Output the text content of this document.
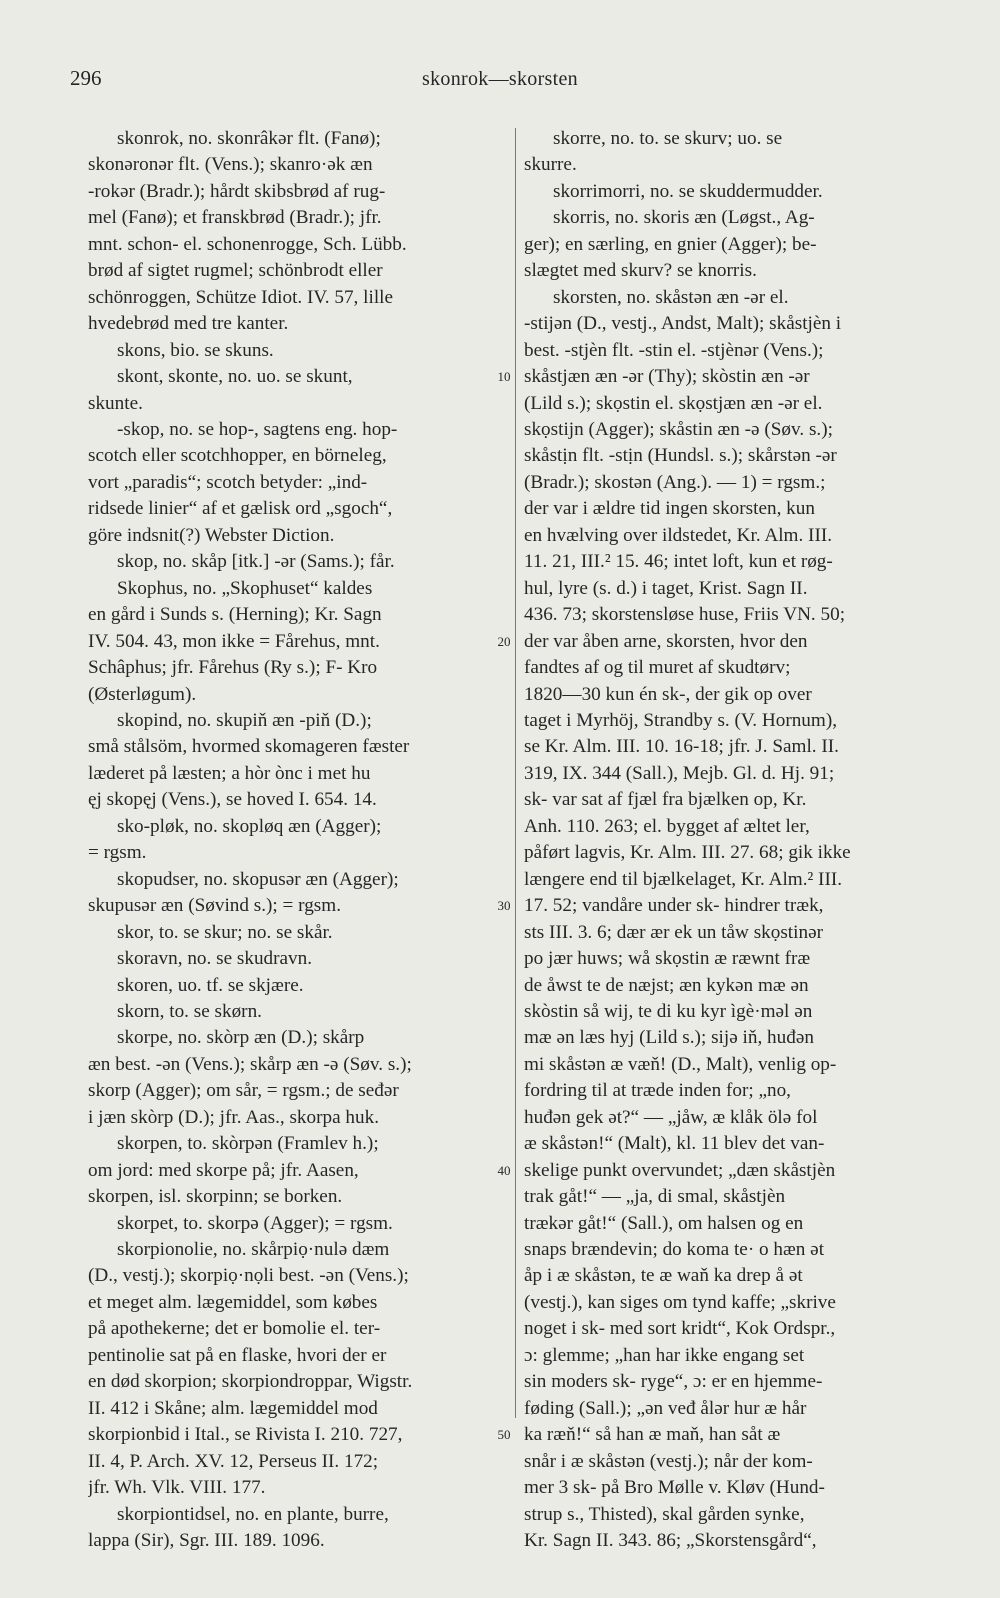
296	skonrok—skorsten
skonrok, no. skonrâkər flt. (Fanø);
skonəronər flt. (Vens.); skanro·ək æn
-rokər (Bradr.); hårdt skibsbrød af rug-
mel (Fanø); et franskbrød (Bradr.); jfr.
mnt. schon- el. schonenrogge, Sch. Lübb.
brød af sigtet rugmel; schönbrodt eller
schönroggen, Schütze Idiot. IV. 57, lille
hvedebrød med tre kanter.
skons, bio. se skuns.
skont, skonte, no. uo. se skunt,
skunte.
-skop, no. se hop-, sagtens eng. hop-
scotch eller scotchhopper, en börneleg,
vort „paradis“; scotch betyder: „ind-
ridsede linier“ af et gælisk ord „sgoch“,
göre indsnit(?) Webster Diction.
skop, no. skåp [itk.] -ər (Sams.); får.
Skophus, no. „Skophuset“ kaldes
en gård i Sunds s. (Herning); Kr. Sagn
IV. 504. 43, mon ikke = Fårehus, mnt.
Schâphus; jfr. Fårehus (Ry s.); F- Kro
(Østerløgum).
skopind, no. skupiň æn -piň (D.);
små stålsöm, hvormed skomageren fæster
læderet på læsten; a hòr ònc i met hu
ęj skopęj (Vens.), se hoved I. 654. 14.
sko-pløk, no. skopløq æn (Agger);
= rgsm.
skopudser, no. skopusər æn (Agger);
skupusər æn (Søvind s.); = rgsm.
skor, to. se skur; no. se skår.
skoravn, no. se skudravn.
skoren, uo. tf. se skjære.
skorn, to. se skørn.
skorpe, no. skòrp æn (D.); skårp
æn best. -ən (Vens.); skårp æn -ə (Søv. s.);
skorp (Agger); om sår, = rgsm.; de seđər
i jæn skòrp (D.); jfr. Aas., skorpa huk.
skorpen, to. skòrpən (Framlev h.);
om jord: med skorpe på; jfr. Aasen,
skorpen, isl. skorpinn; se borken.
skorpet, to. skorpə (Agger); = rgsm.
skorpionolie, no. skårpiọ·nulə dæm
(D., vestj.); skorpiọ·nọli best. -ən (Vens.);
et meget alm. lægemiddel, som købes
på apothekerne; det er bomolie el. ter-
pentinolie sat på en flaske, hvori der er
en død skorpion; skorpiondroppar, Wigstr.
II. 412 i Skåne; alm. lægemiddel mod
skorpionbid i Ital., se Rivista I. 210. 727,
II. 4, P. Arch. XV. 12, Perseus II. 172;
jfr. Wh. Vlk. VIII. 177.
skorpiontidsel, no. en plante, burre,
lappa (Sir), Sgr. III. 189. 1096.
skorre, no. to. se skurv; uo. se
skurre.
skorrimorri, no. se skuddermudder.
skorris, no. skoris æn (Løgst., Ag-
ger); en særling, en gnier (Agger); be-
slægtet med skurv? se knorris.
skorsten, no. skåstən æn -ər el.
-stijən (D., vestj., Andst, Malt); skåstjèn i
best. -stjèn flt. -stin el. -stjènər (Vens.);
skåstjæn æn -ər (Thy); skòstin æn -ər
(Lild s.); skọstin el. skọstjæn æn -ər el.
skọstijn (Agger); skåstin æn -ə (Søv. s.);
skåstịn flt. -stịn (Hundsl. s.); skårstən -ər
(Bradr.); skostən (Ang.). — 1) = rgsm.;
der var i ældre tid ingen skorsten, kun
en hvælving over ildstedet, Kr. Alm. III.
11. 21, III.² 15. 46; intet loft, kun et røg-
hul, lyre (s. d.) i taget, Krist. Sagn II.
436. 73; skorstensløse huse, Friis VN. 50;
der var åben arne, skorsten, hvor den
fandtes af og til muret af skudtørv;
1820—30 kun én sk-, der gik op over
taget i Myrhöj, Strandby s. (V. Hornum),
se Kr. Alm. III. 10. 16-18; jfr. J. Saml. II.
319, IX. 344 (Sall.), Mejb. Gl. d. Hj. 91;
sk- var sat af fjæl fra bjælken op, Kr.
Anh. 110. 263; el. bygget af æltet ler,
påført lagvis, Kr. Alm. III. 27. 68; gik ikke
længere end til bjælkelaget, Kr. Alm.² III.
17. 52; vandåre under sk- hindrer træk,
sts III. 3. 6; dær ær ek un tåw skọstinər
po jær huws; wå skọstin æ ræwnt fræ
de åwst te de næjst; æn kykən mæ ən
skòstin så wij, te di ku kyr ìgè·məl ən
mæ ən læs hyj (Lild s.); sijə iň, huđən
mi skåstən æ væň! (D., Malt), venlig op-
fordring til at træde inden for; „no,
huđən gek ət?“ — „jåw, æ klåk ölə fol
æ skåstən!“ (Malt), kl. 11 blev det van-
skelige punkt overvundet; „dæn skåstjèn
trak gåt!“ — „ja, di smal, skåstjèn
trækər gåt!“ (Sall.), om halsen og en
snaps brændevin; do koma te· o hæn ət
åp i æ skåstən, te æ waň ka drep å ət
(vestj.), kan siges om tynd kaffe; „skrive
noget i sk- med sort kridt“, Kok Ordspr.,
ɔ: glemme; „han har ikke engang set
sin moders sk- ryge“, ɔ: er en hjemme-
føding (Sall.); „ən veđ ålər hur æ hår
ka ræň!“ så han æ maň, han såt æ
snår i æ skåstən (vestj.); når der kom-
mer 3 sk- på Bro Mølle v. Kløv (Hund-
strup s., Thisted), skal gården synke,
Kr. Sagn II. 343. 86; „Skorstensgård“,
10
20
30
40
50
